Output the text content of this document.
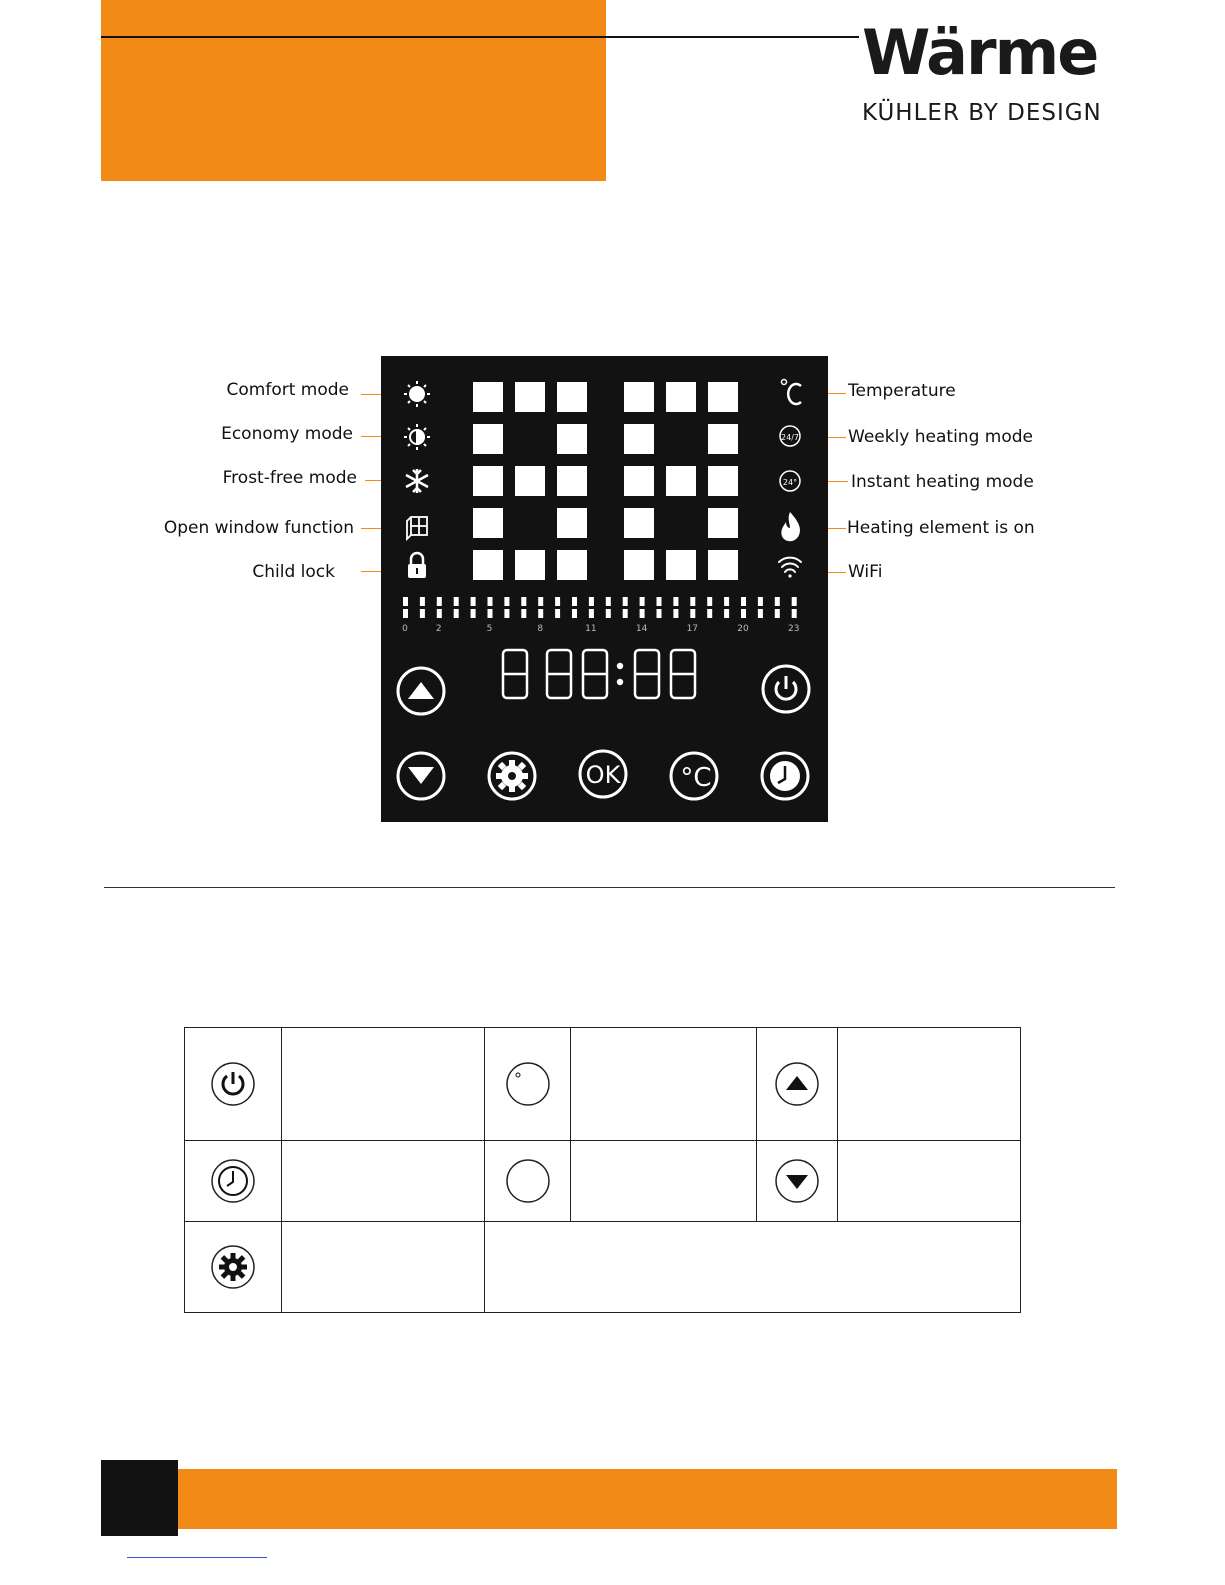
Wärme
KÜHLER BY DESIGN
Comfort mode
Economy mode
Frost-free mode
Open window function
Child lock
Temperature
Weekly heating mode
Instant heating mode
Heating element is on
WiFi
24/7
24°
0	2	5	8	11	14	17	20	23
OK °C
